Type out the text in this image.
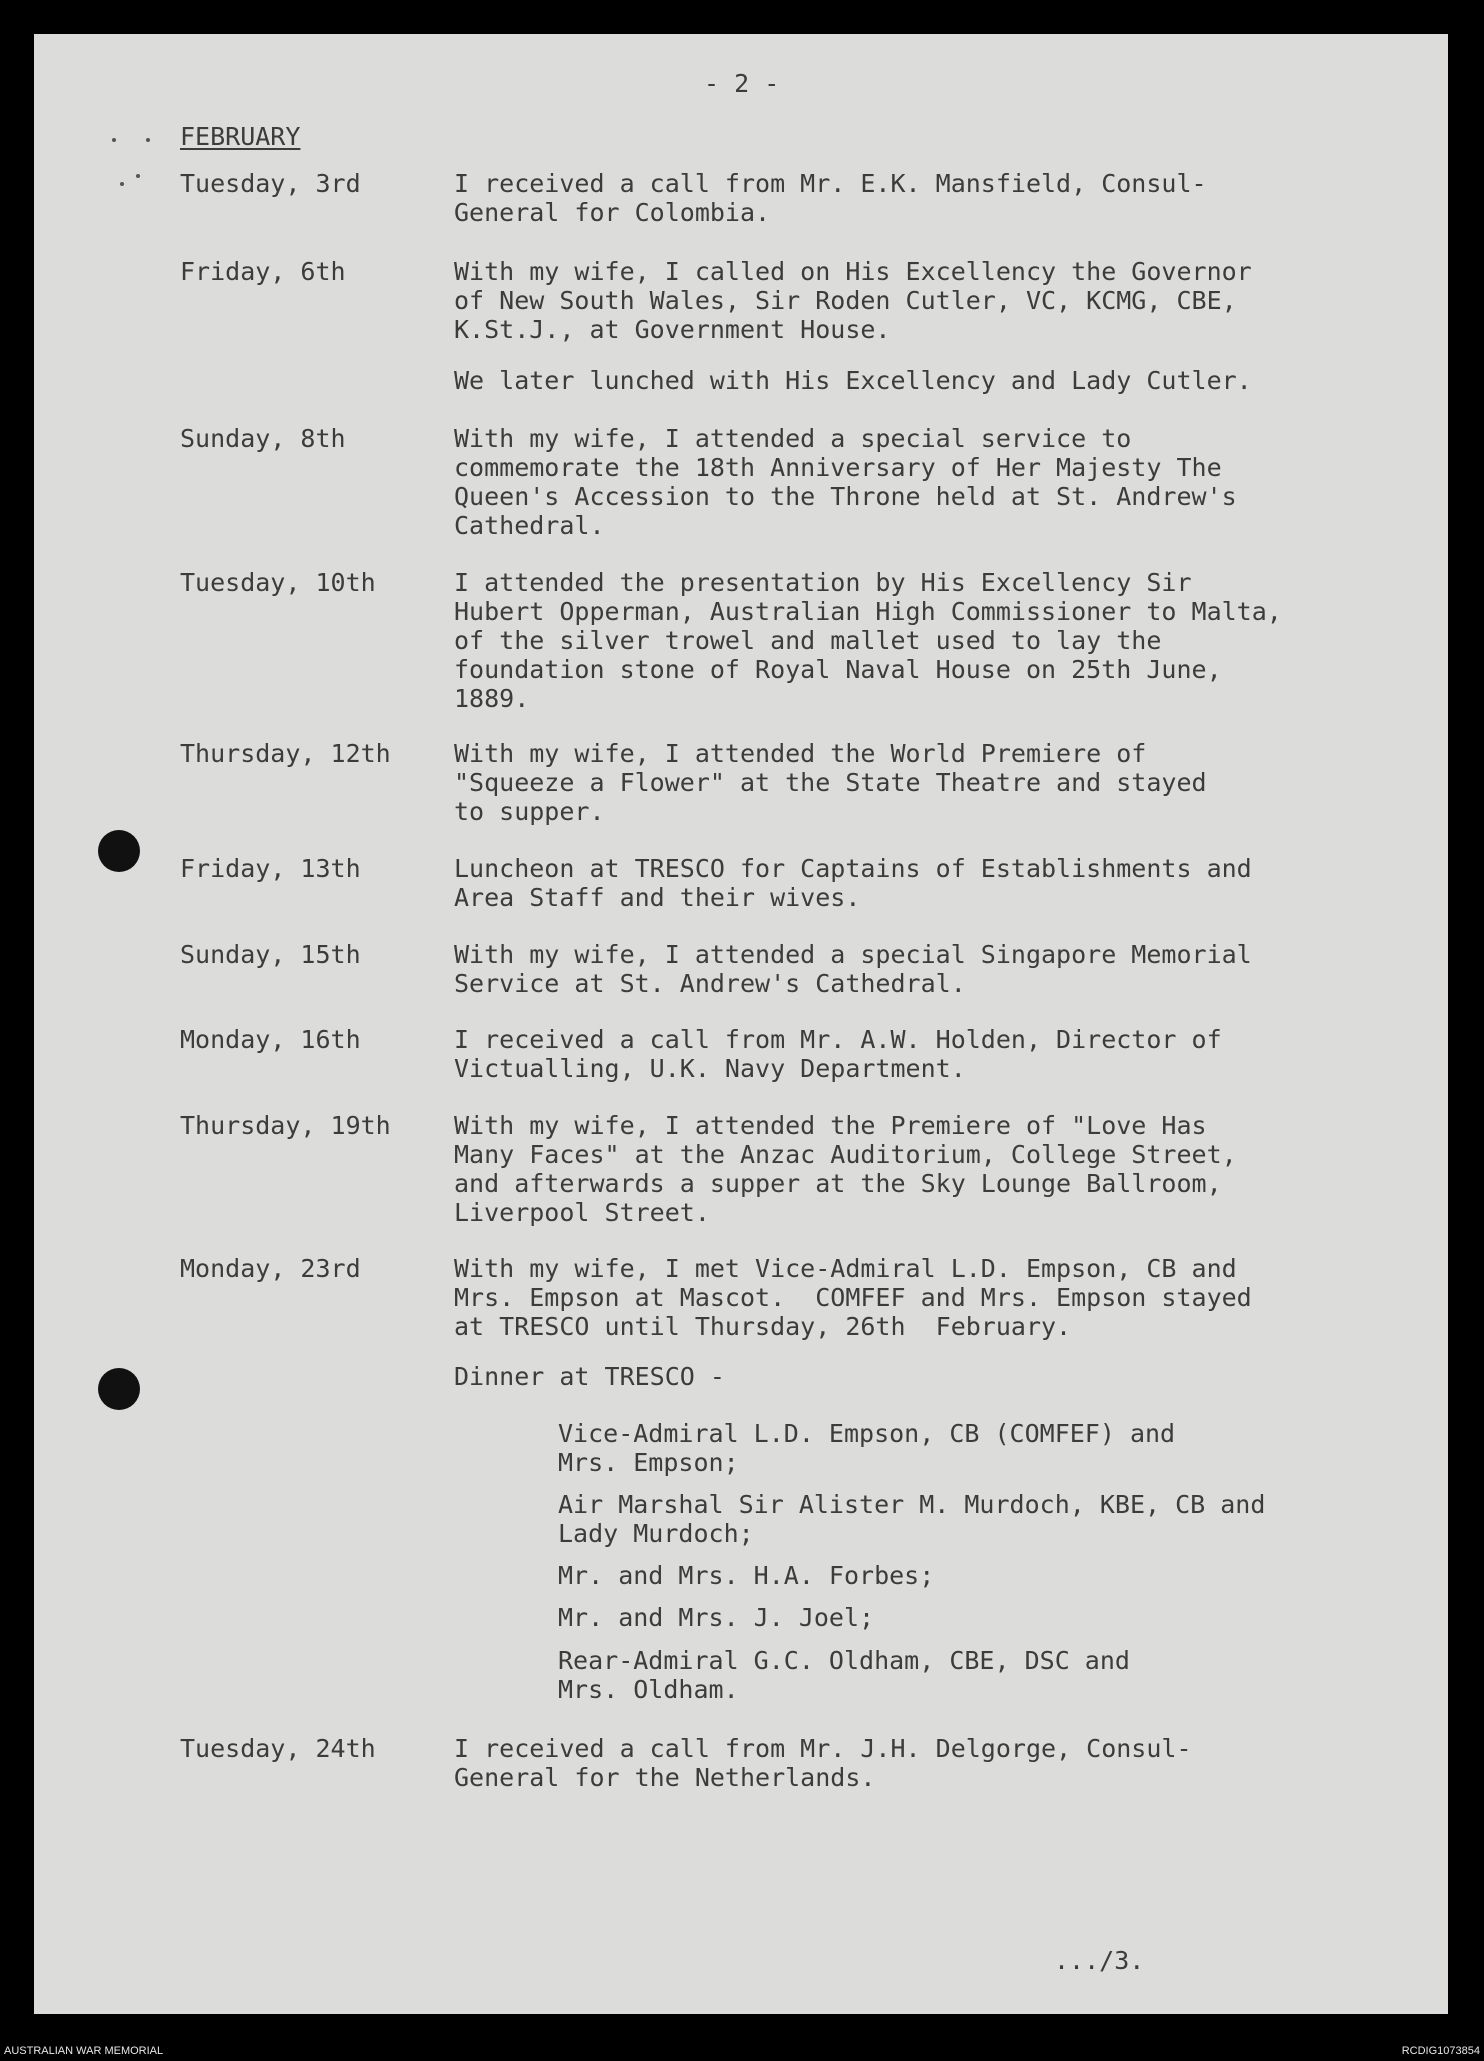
- 2 -
FEBRUARY
Tuesday, 3rd	I received a call from Mr. E.K. Mansfield, Consul-
General for Colombia.
Friday, 6th	With my wife, I called on His Excellency the Governor
of New South Wales, Sir Roden Cutler, VC, KCMG, CBE,
K.St.J., at Government House.
We later lunched with His Excellency and Lady Cutler.
Sunday, 8th	With my wife, I attended a special service to
commemorate the 18th Anniversary of Her Majesty The
Queen's Accession to the Throne held at St. Andrew's
Cathedral.
Tuesday, 10th	I attended the presentation by His Excellency Sir
Hubert Opperman, Australian High Commissioner to Malta,
of the silver trowel and mallet used to lay the
foundation stone of Royal Naval House on 25th June,
1889.
Thursday, 12th	With my wife, I attended the World Premiere of
"Squeeze a Flower" at the State Theatre and stayed
to supper.
Friday, 13th	Luncheon at TRESCO for Captains of Establishments and
Area Staff and their wives.
Sunday, 15th	With my wife, I attended a special Singapore Memorial
Service at St. Andrew's Cathedral.
Monday, 16th	I received a call from Mr. A.W. Holden, Director of
Victualling, U.K. Navy Department.
Thursday, 19th	With my wife, I attended the Premiere of "Love Has
Many Faces" at the Anzac Auditorium, College Street,
and afterwards a supper at the Sky Lounge Ballroom,
Liverpool Street.
Monday, 23rd	With my wife, I met Vice-Admiral L.D. Empson, CB and
Mrs. Empson at Mascot.  COMFEF and Mrs. Empson stayed
at TRESCO until Thursday, 26th  February.
Dinner at TRESCO -
Vice-Admiral L.D. Empson, CB (COMFEF) and
Mrs. Empson;
Air Marshal Sir Alister M. Murdoch, KBE, CB and
Lady Murdoch;
Mr. and Mrs. H.A. Forbes;
Mr. and Mrs. J. Joel;
Rear-Admiral G.C. Oldham, CBE, DSC and
Mrs. Oldham.
Tuesday, 24th	I received a call from Mr. J.H. Delgorge, Consul-
General for the Netherlands.
.../3.
AUSTRALIAN WAR MEMORIAL	RCDIG1073854
